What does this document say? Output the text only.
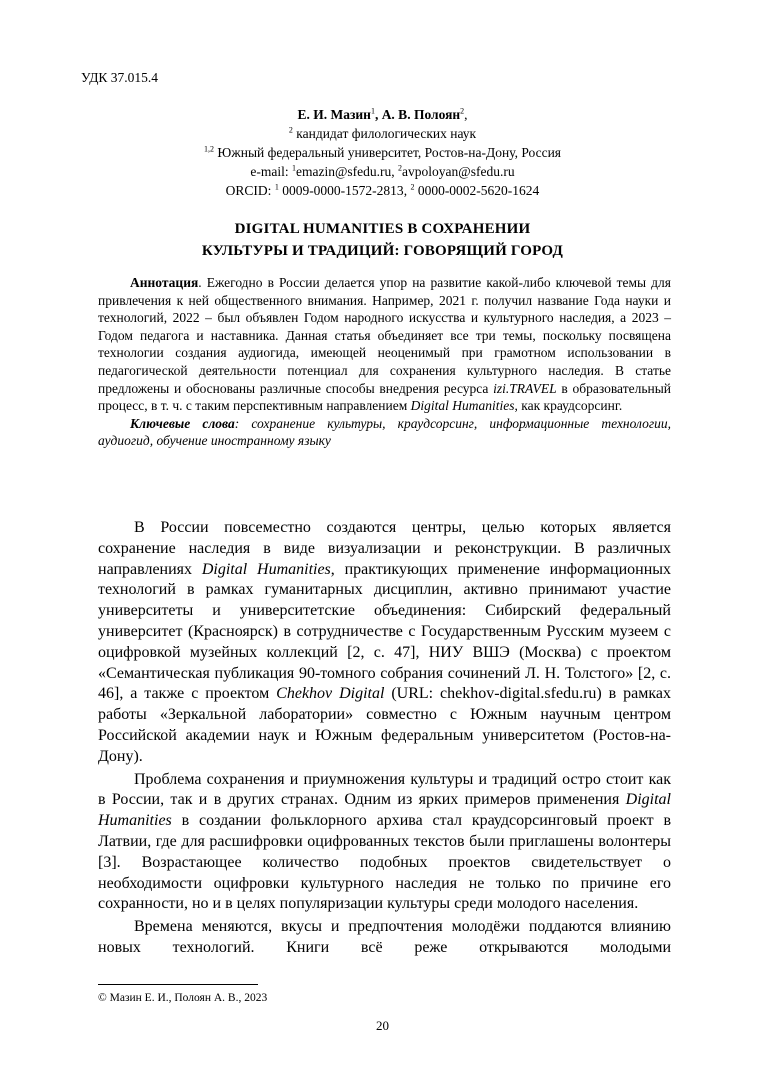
УДК 37.015.4
Е. И. Мазин$^1$, А. В. Полоян$^2$,
$^2$ кандидат филологических наук
$^{1,2}$ Южный федеральный университет, Ростов-на-Дону, Россия
e-mail: $^1$emazin@sfedu.ru, $^2$avpoloyan@sfedu.ru
ORCID: $^1$ 0009-0000-1572-2813, $^2$ 0000-0002-5620-1624
DIGITAL HUMANITIES В СОХРАНЕНИИ
КУЛЬТУРЫ И ТРАДИЦИЙ: ГОВОРЯЩИЙ ГОРОД

Аннотация. Ежегодно в России делается упор на развитие какой-либо ключевой темы для привлечения к ней общественного внимания. Например, 2021 г. получил название Года науки и технологий, 2022 – был объявлен Годом народного искусства и культурного наследия, а 2023 – Годом педагога и наставника. Данная статья объединяет все три темы, поскольку посвящена технологии создания аудиогида, имеющей неоценимый при грамотном использовании в педагогической деятельности потенциал для сохранения культурного наследия. В статье предложены и обоснованы различные способы внедрения ресурса izi.TRAVEL в образовательный процесс, в т. ч. с таким перспективным направлением Digital Humanities, как краудсорсинг.

Ключевые слова: сохранение культуры, краудсорсинг, информационные технологии, аудиогид, обучение иностранному языку

В России повсеместно создаются центры, целью которых является сохранение наследия в виде визуализации и реконструкции. В различных направлениях Digital Humanities, практикующих применение информационных технологий в рамках гуманитарных дисциплин, активно принимают участие университеты и университетские объединения: Сибирский федеральный университет (Красноярск) в сотрудничестве с Государственным Русским музеем с оцифровкой музейных коллекций [2, с. 47], НИУ ВШЭ (Москва) с проектом «Семантическая публикация 90-томного собрания сочинений Л. Н. Толстого» [2, с. 46], а также с проектом Chekhov Digital (URL: chekhov-digital.sfedu.ru) в рамках работы «Зеркальной лаборатории» совместно с Южным научным центром Российской академии наук и Южным федеральным университетом (Ростов-на-Дону).

Проблема сохранения и приумножения культуры и традиций остро стоит как в России, так и в других странах. Одним из ярких примеров применения Digital Humanities в создании фольклорного архива стал краудсорсинговый проект в Латвии, где для расшифровки оцифрованных текстов были приглашены волонтеры [3]. Возрастающее количество подобных проектов свидетельствует о необходимости оцифровки культурного наследия не только по причине его сохранности, но и в целях популяризации культуры среди молодого населения.

Времена меняются, вкусы и предпочтения молодёжи поддаются влиянию новых технологий. Книги всё реже открываются молодыми

© Мазин Е. И., Полоян А. В., 2023
20
